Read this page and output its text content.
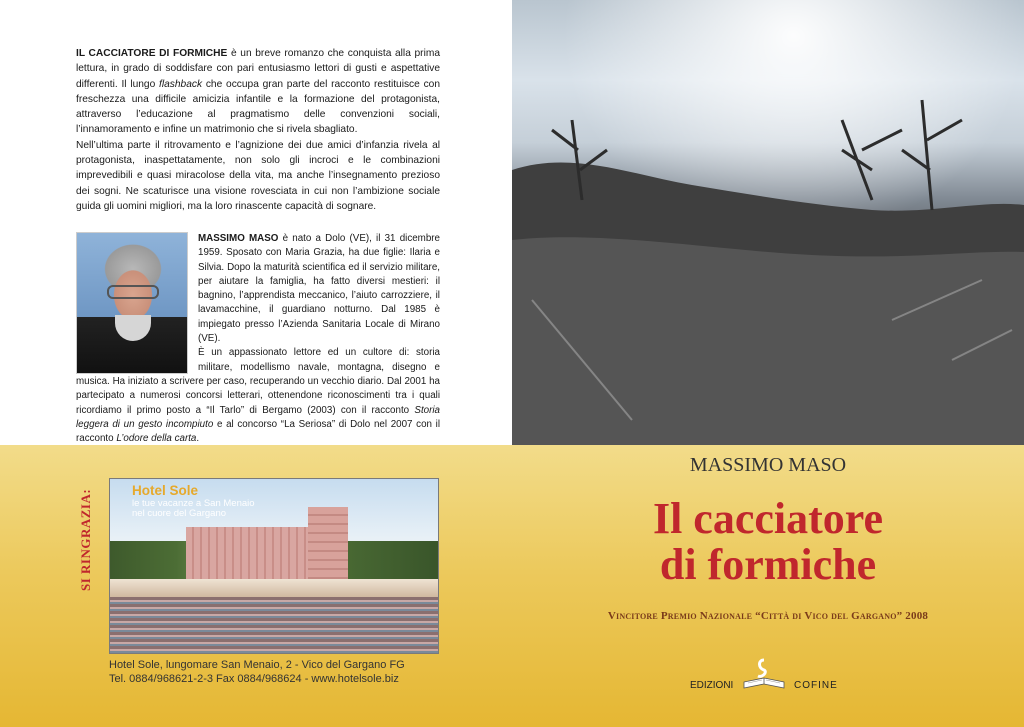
IL CACCIATORE DI FORMICHE è un breve romanzo che conquista alla prima lettura, in grado di soddisfare con pari entusiasmo lettori di gusti e aspettative differenti. Il lungo flashback che occupa gran parte del racconto restituisce con freschezza una difficile amicizia infantile e la formazione del protagonista, attraverso l’educazione al pragmatismo delle convenzioni sociali, l’innamoramento e infine un matrimonio che si rivela sbagliato.

Nell’ultima parte il ritrovamento e l’agnizione dei due amici d’infanzia rivela al protagonista, inaspettatamente, non solo gli incroci e le combinazioni imprevedibili e quasi miracolose della vita, ma anche l’insegnamento prezioso dei sogni. Ne scaturisce una visione rovesciata in cui non l’ambizione sociale guida gli uomini migliori, ma la loro rinascente capacità di sognare.

MASSIMO MASO è nato a Dolo (VE), il 31 dicembre 1959. Sposato con Maria Grazia, ha due figlie: Ilaria e Silvia. Dopo la maturità scientifica ed il servizio militare, per aiutare la famiglia, ha fatto diversi mestieri: il bagnino, l’apprendista meccanico, l’aiuto carrozziere, il lavamacchine, il guardiano notturno. Dal 1985 è impiegato presso l’Azienda Sanitaria Locale di Mirano (VE).
È un appassionato lettore ed un cultore di: storia militare, modellismo navale, montagna, disegno e musica. Ha iniziato a scrivere per caso, recuperando un vecchio diario. Dal 2001 ha partecipato a numerosi concorsi letterari, ottenendone riconoscimenti tra i quali ricordiamo il primo posto a “Il Tarlo” di Bergamo (2003) con il racconto Storia leggera di un gesto incompiuto e al concorso “La Seriosa” di Dolo nel 2007 con il racconto L’odore della carta.
SI RINGRAZIA:	Hotel Sole
le tue vacanze a San Menaio
nel cuore del Gargano
Hotel Sole, lungomare San Menaio, 2 - Vico del Gargano FG
Tel. 0884/968621-2-3 Fax 0884/968624 - www.hotelsole.biz
MASSIMO MASO
Il cacciatore
di formiche
Vincitore Premio Nazionale “Città di Vico del Gargano” 2008
EDIZIONI	COFINE
